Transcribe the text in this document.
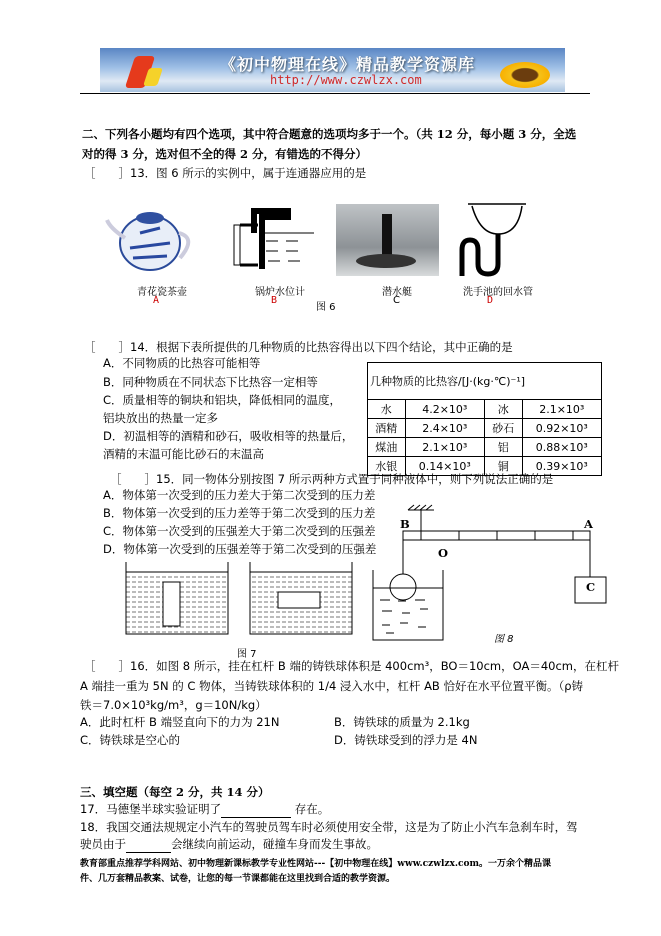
《初中物理在线》精品教学资源库
http://www.czwlzx.com
二、下列各小题均有四个选项，其中符合题意的选项均多于一个。（共 12 分，每小题 3 分，全选
对的得 3 分，选对但不全的得 2 分，有错选的不得分）
［　　］13．图 6 所示的实例中，属于连通器应用的是
青花瓷茶壶
A
锅炉水位计
B
潜水艇
C
洗手池的回水管
D
图 6
［　　］14．根据下表所提供的几种物质的比热容得出以下四个结论，其中正确的是
A．不同物质的比热容可能相等
B．同种物质在不同状态下比热容一定相等
C．质量相等的铜块和铝块，降低相同的温度，
铝块放出的热量一定多
D．初温相等的酒精和砂石，吸收相等的热量后，
酒精的末温可能比砂石的末温高
几种物质的比热容/[J·(kg·℃)⁻¹]			
水	4.2×10³	冰	2.1×10³
酒精	2.4×10³	砂石	0.92×10³
煤油	2.1×10³	铝	0.88×10³
水银	0.14×10³	铜	0.39×10³
［　　］15．同一物体分别按图 7 所示两种方式置于同种液体中，则下列说法正确的是
A．物体第一次受到的压力差大于第二次受到的压力差
B．物体第一次受到的压力差等于第二次受到的压力差
C．物体第一次受到的压强差大于第二次受到的压强差
D．物体第一次受到的压强差等于第二次受到的压强差
图 7
B	A
O
C
图 8
［　　］16．如图 8 所示，挂在杠杆 B 端的铸铁球体积是 400cm³，BO＝10cm，OA＝40cm，在杠杆
A 端挂一重为 5N 的 C 物体，当铸铁球体积的 1/4 浸入水中，杠杆 AB 恰好在水平位置平衡。（ρ铸
铁＝7.0×10³kg/m³，g＝10N/kg）
A．此时杠杆 B 端竖直向下的力为 21N	B．铸铁球的质量为 2.1kg
C．铸铁球是空心的	D．铸铁球受到的浮力是 4N
三、填空题（每空 2 分，共 14 分）
17．马德堡半球实验证明了	存在。
18．我国交通法规规定小汽车的驾驶员驾车时必须使用安全带，这是为了防止小汽车急刹车时，驾
驶员由于	会继续向前运动，碰撞车身而发生事故。
教育部重点推荐学科网站、初中物理新课标教学专业性网站---【初中物理在线】www.czwlzx.com。一万余个精品课
件、几万套精品教案、试卷，让您的每一节课都能在这里找到合适的教学资源。
